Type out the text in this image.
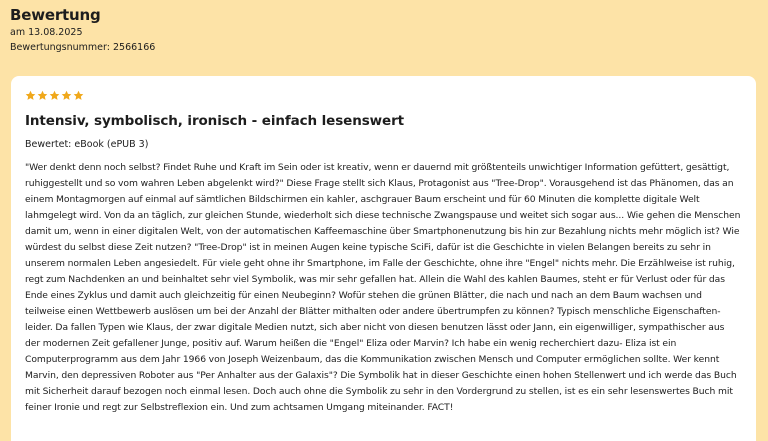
Bewertung
am 13.08.2025
Bewertungsnummer: 2566166
Intensiv, symbolisch, ironisch - einfach lesenswert
Bewertet: eBook (ePUB 3)
"Wer denkt denn noch selbst? Findet Ruhe und Kraft im Sein oder ist kreativ, wenn er dauernd mit größtenteils unwichtiger Information gefüttert, gesättigt, ruhiggestellt und so vom wahren Leben abgelenkt wird?" Diese Frage stellt sich Klaus, Protagonist aus "Tree-Drop". Vorausgehend ist das Phänomen, das an einem Montagmorgen auf einmal auf sämtlichen Bildschirmen ein kahler, aschgrauer Baum erscheint und für 60 Minuten die komplette digitale Welt lahmgelegt wird. Von da an täglich, zur gleichen Stunde, wiederholt sich diese technische Zwangspause und weitet sich sogar aus... Wie gehen die Menschen damit um, wenn in einer digitalen Welt, von der automatischen Kaffeemaschine über Smartphonenutzung bis hin zur Bezahlung nichts mehr möglich ist? Wie würdest du selbst diese Zeit nutzen? "Tree-Drop" ist in meinen Augen keine typische SciFi, dafür ist die Geschichte in vielen Belangen bereits zu sehr in unserem normalen Leben angesiedelt. Für viele geht ohne ihr Smartphone, im Falle der Geschichte, ohne ihre "Engel" nichts mehr. Die Erzählweise ist ruhig, regt zum Nachdenken an und beinhaltet sehr viel Symbolik, was mir sehr gefallen hat. Allein die Wahl des kahlen Baumes, steht er für Verlust oder für das Ende eines Zyklus und damit auch gleichzeitig für einen Neubeginn? Wofür stehen die grünen Blätter, die nach und nach an dem Baum wachsen und teilweise einen Wettbewerb auslösen um bei der Anzahl der Blätter mithalten oder andere übertrumpfen zu können? Typisch menschliche Eigenschaften- leider. Da fallen Typen wie Klaus, der zwar digitale Medien nutzt, sich aber nicht von diesen benutzen lässt oder Jann, ein eigenwilliger, sympathischer aus der modernen Zeit gefallener Junge, positiv auf. Warum heißen die "Engel" Eliza oder Marvin? Ich habe ein wenig recherchiert dazu- Eliza ist ein Computerprogramm aus dem Jahr 1966 von Joseph Weizenbaum, das die Kommunikation zwischen Mensch und Computer ermöglichen sollte. Wer kennt Marvin, den depressiven Roboter aus "Per Anhalter aus der Galaxis"? Die Symbolik hat in dieser Geschichte einen hohen Stellenwert und ich werde das Buch mit Sicherheit darauf bezogen noch einmal lesen. Doch auch ohne die Symbolik zu sehr in den Vordergrund zu stellen, ist es ein sehr lesenswertes Buch mit feiner Ironie und regt zur Selbstreflexion ein. Und zum achtsamen Umgang miteinander. FACT!
